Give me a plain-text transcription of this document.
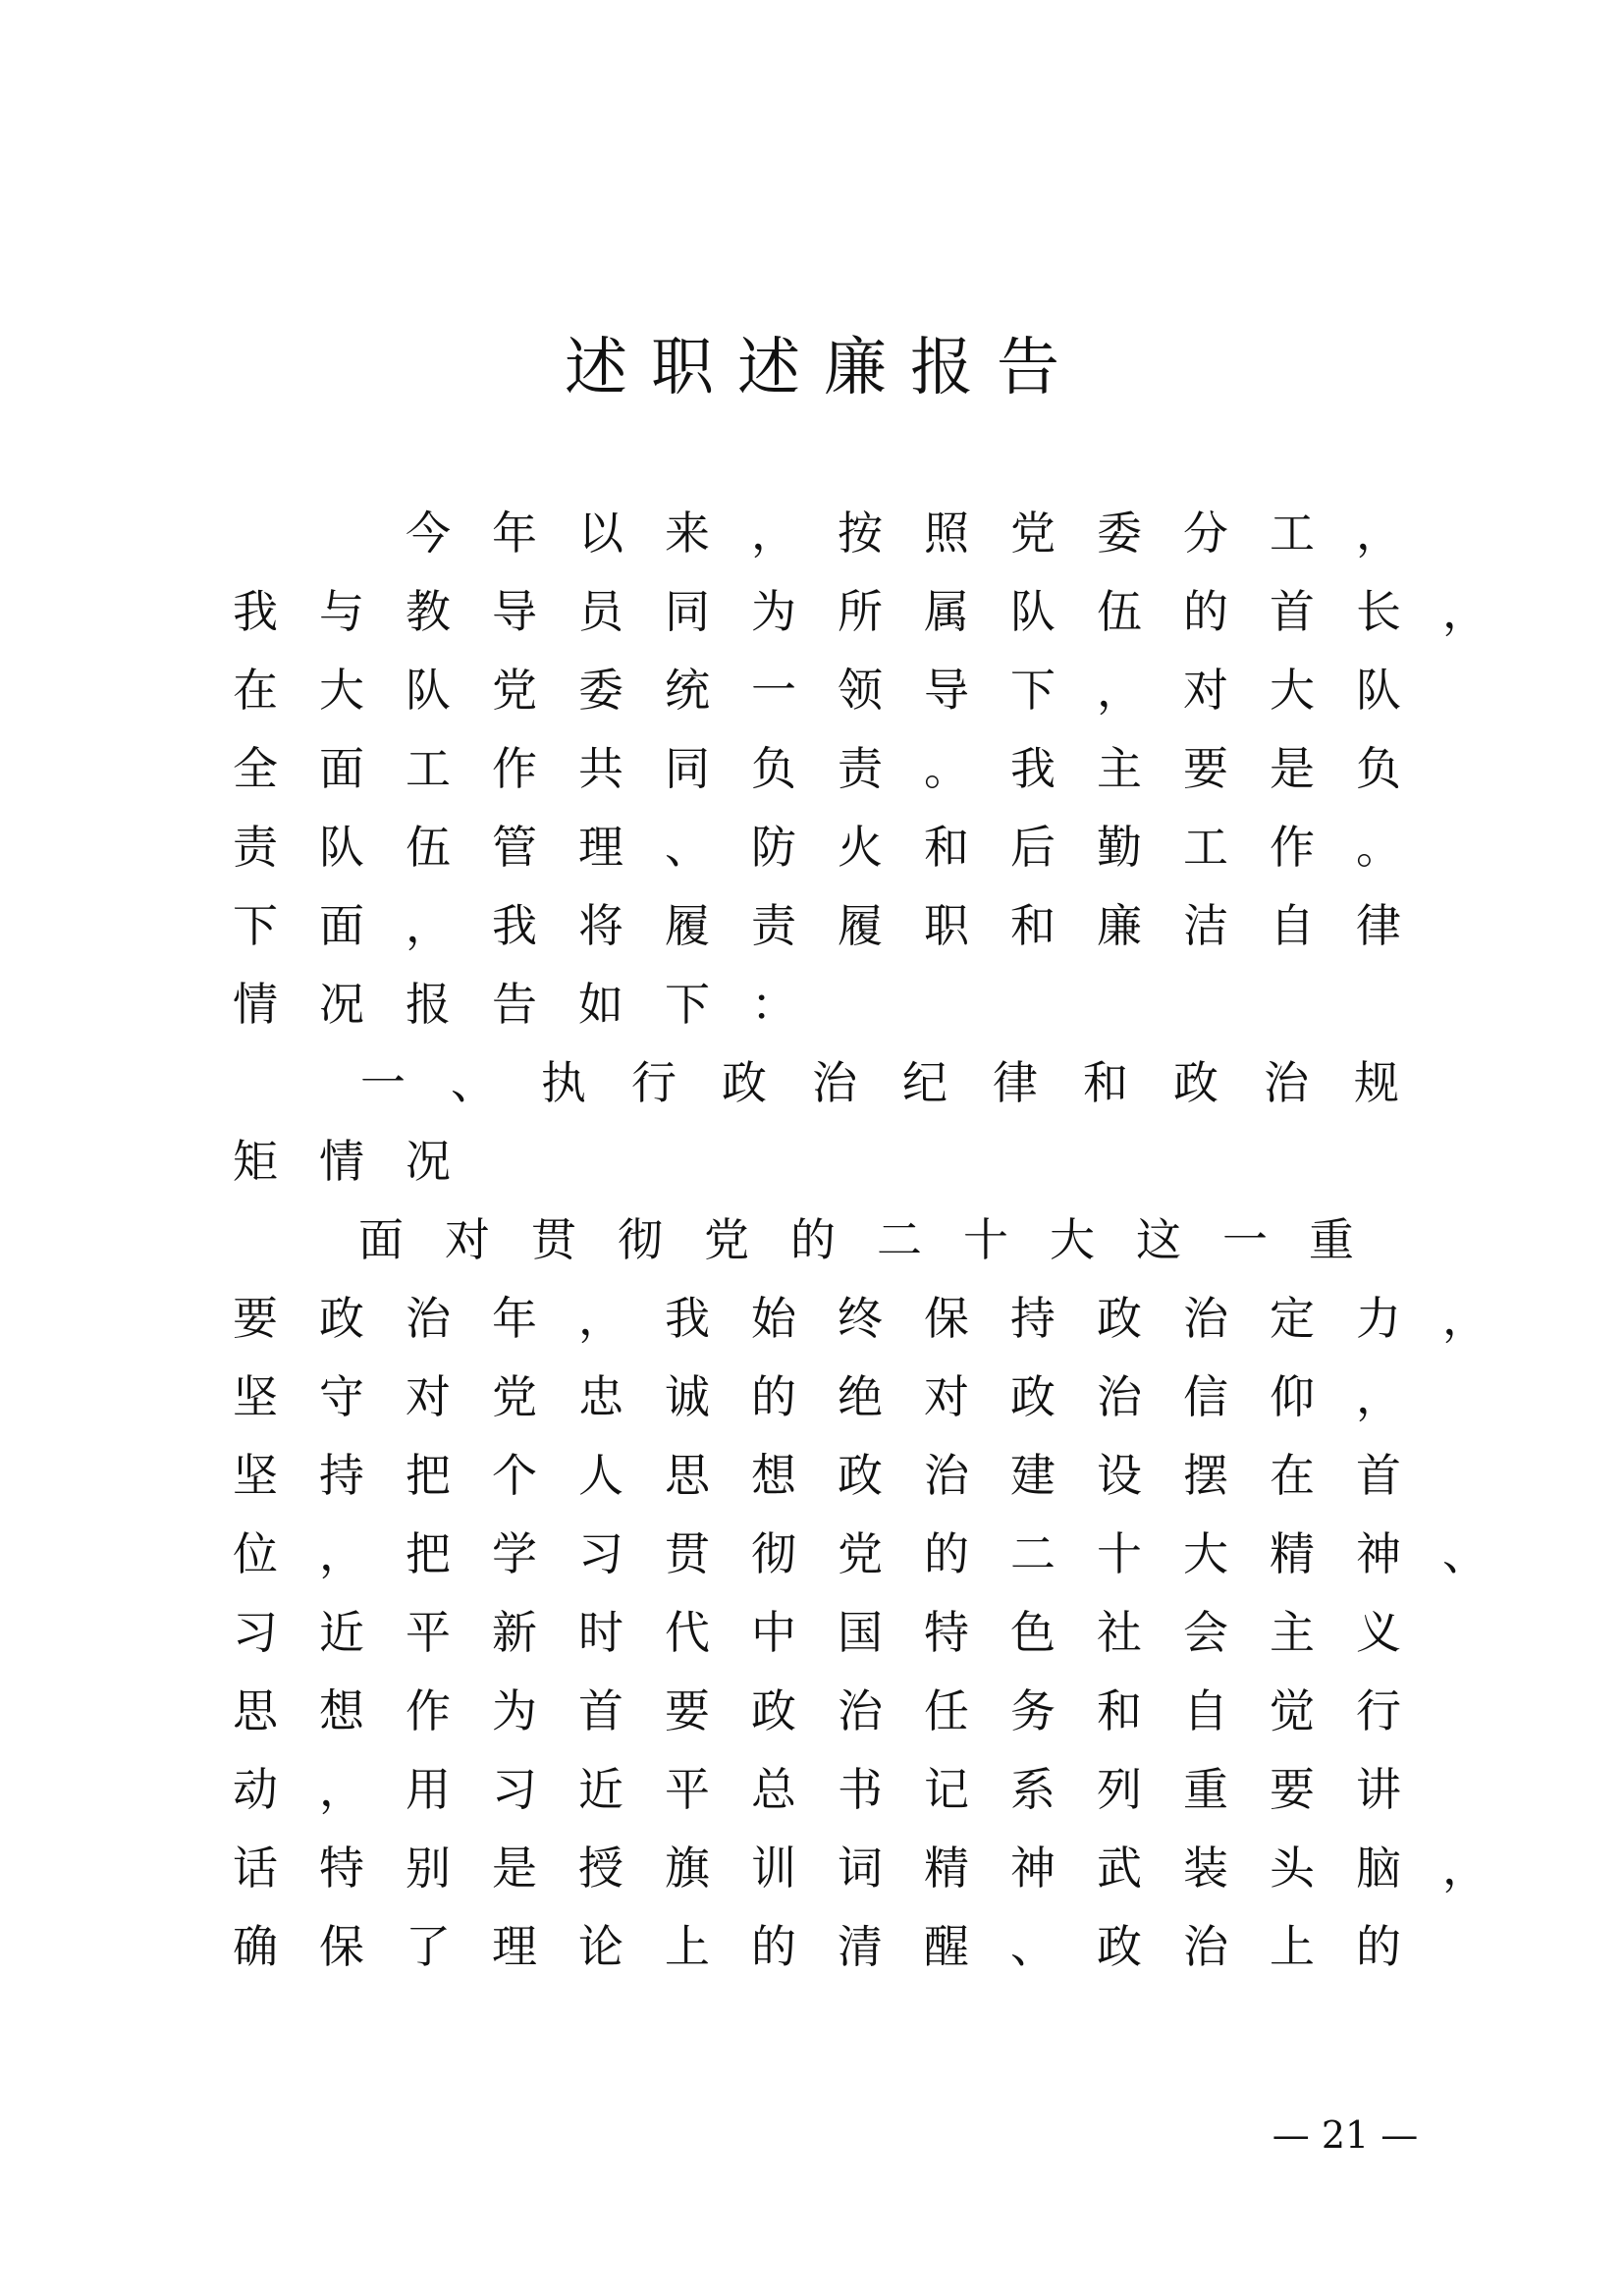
述职述廉报告
今 年 以 来 ， 按 照 党 委 分 工 ，
我 与 教 导 员 同 为 所 属 队 伍 的 首 长 ，
在 大 队 党 委 统 一 领 导 下 ， 对 大 队
全 面 工 作 共 同 负 责 。 我 主 要 是 负
责 队 伍 管 理 、 防 火 和 后 勤 工 作 。
下 面 ， 我 将 履 责 履 职 和 廉 洁 自 律
情 况 报 告 如 下 ：
一	、	执	行	政	治	纪	律	和	政	治	规
矩 情 况
面 对 贯 彻 党 的 二 十 大 这 一 重
要 政 治 年 ， 我 始 终 保 持 政 治 定 力 ，
坚 守 对 党 忠 诚 的 绝 对 政 治 信 仰 ，
坚 持 把 个 人 思 想 政 治 建 设 摆 在 首
位 ， 把 学 习 贯 彻 党 的 二 十 大 精 神 、
习 近 平 新 时 代 中 国 特 色 社 会 主 义
思 想 作 为 首 要 政 治 任 务 和 自 觉 行
动 ， 用 习 近 平 总 书 记 系 列 重 要 讲
话 特 别 是 授 旗 训 词 精 神 武 装 头 脑 ，
确 保 了 理 论 上 的 清 醒 、 政 治 上 的
— 21 —
